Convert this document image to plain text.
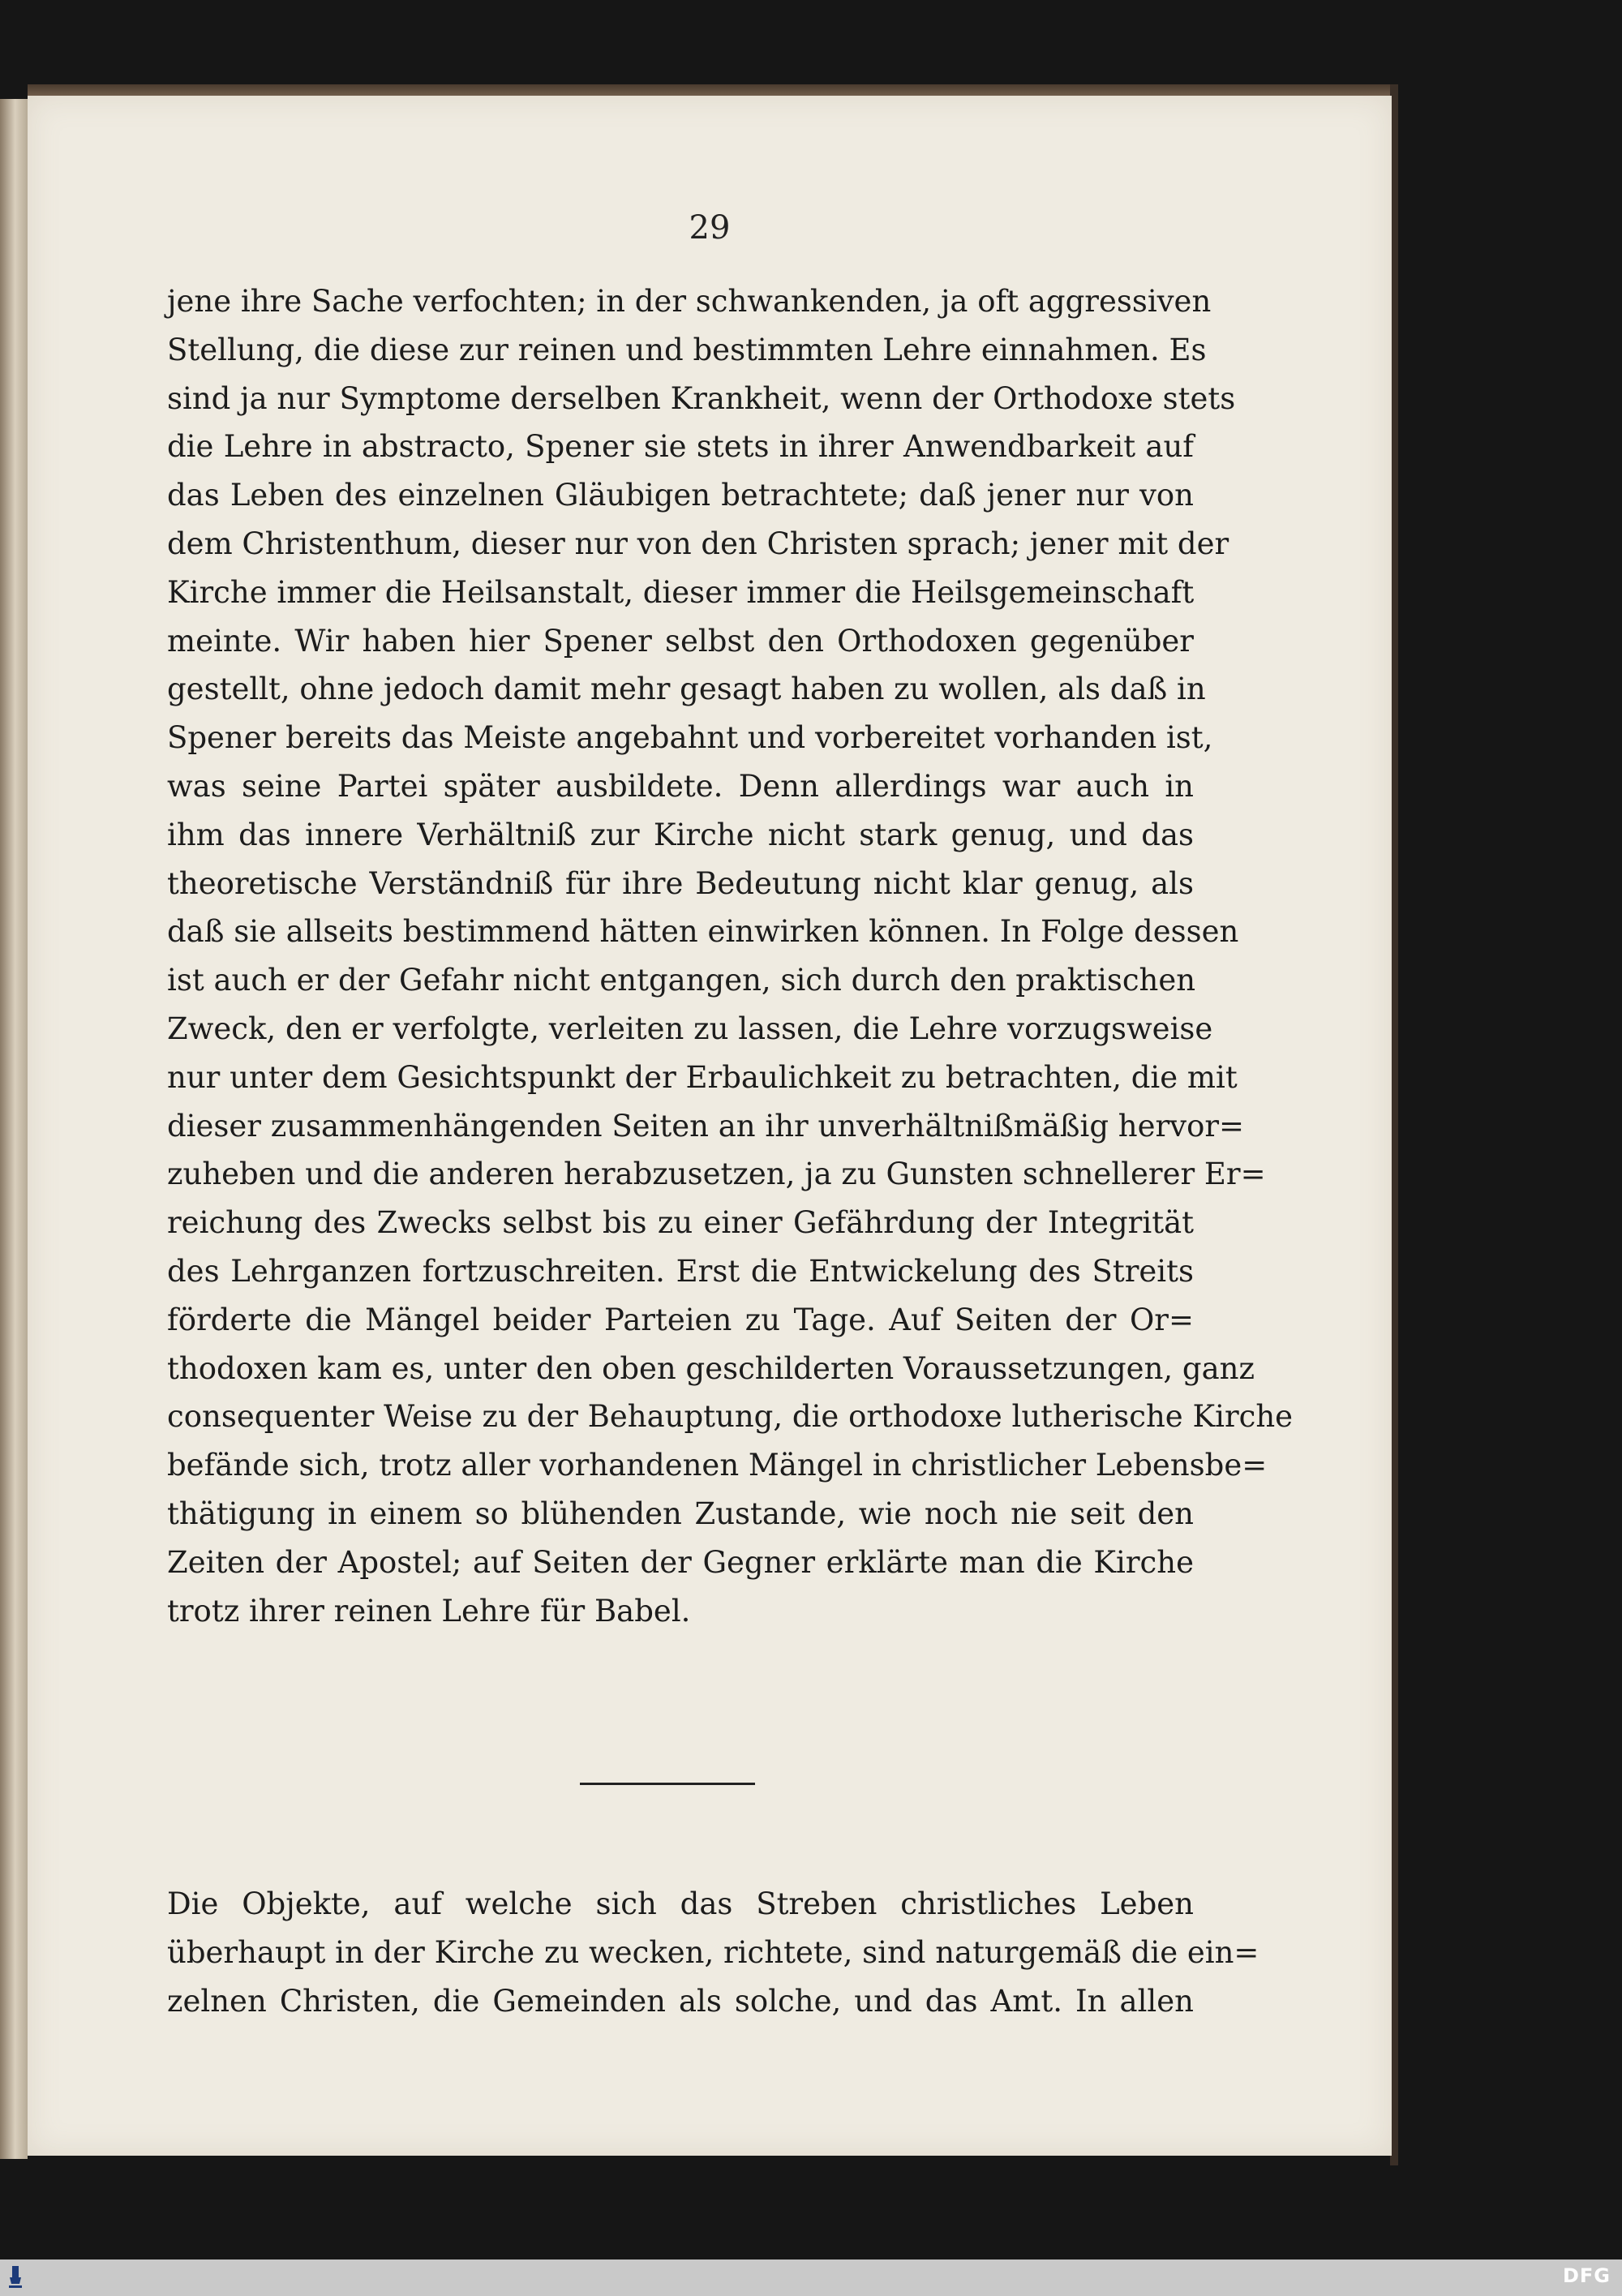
29
jene ihre Sache verfochten; in der schwankenden, ja oft aggressiven
Stellung, die diese zur reinen und bestimmten Lehre einnahmen. Es
sind ja nur Symptome derselben Krankheit, wenn der Orthodoxe stets
die Lehre in abstracto, Spener sie stets in ihrer Anwendbarkeit auf
das Leben des einzelnen Gläubigen betrachtete; daß jener nur von
dem Christenthum, dieser nur von den Christen sprach; jener mit der
Kirche immer die Heilsanstalt, dieser immer die Heilsgemeinschaft
meinte. Wir haben hier Spener selbst den Orthodoxen gegenüber
gestellt, ohne jedoch damit mehr gesagt haben zu wollen, als daß in
Spener bereits das Meiste angebahnt und vorbereitet vorhanden ist,
was seine Partei später ausbildete. Denn allerdings war auch in
ihm das innere Verhältniß zur Kirche nicht stark genug, und das
theoretische Verständniß für ihre Bedeutung nicht klar genug, als
daß sie allseits bestimmend hätten einwirken können. In Folge dessen
ist auch er der Gefahr nicht entgangen, sich durch den praktischen
Zweck, den er verfolgte, verleiten zu lassen, die Lehre vorzugsweise
nur unter dem Gesichtspunkt der Erbaulichkeit zu betrachten, die mit
dieser zusammenhängenden Seiten an ihr unverhältnißmäßig hervor=
zuheben und die anderen herabzusetzen, ja zu Gunsten schnellerer Er=
reichung des Zwecks selbst bis zu einer Gefährdung der Integrität
des Lehrganzen fortzuschreiten. Erst die Entwickelung des Streits
förderte die Mängel beider Parteien zu Tage. Auf Seiten der Or=
thodoxen kam es, unter den oben geschilderten Voraussetzungen, ganz
consequenter Weise zu der Behauptung, die orthodoxe lutherische Kirche
befände sich, trotz aller vorhandenen Mängel in christlicher Lebensbe=
thätigung in einem so blühenden Zustande, wie noch nie seit den
Zeiten der Apostel; auf Seiten der Gegner erklärte man die Kirche
trotz ihrer reinen Lehre für Babel.
Die Objekte, auf welche sich das Streben christliches Leben
überhaupt in der Kirche zu wecken, richtete, sind naturgemäß die ein=
zelnen Christen, die Gemeinden als solche, und das Amt. In allen
DFG
